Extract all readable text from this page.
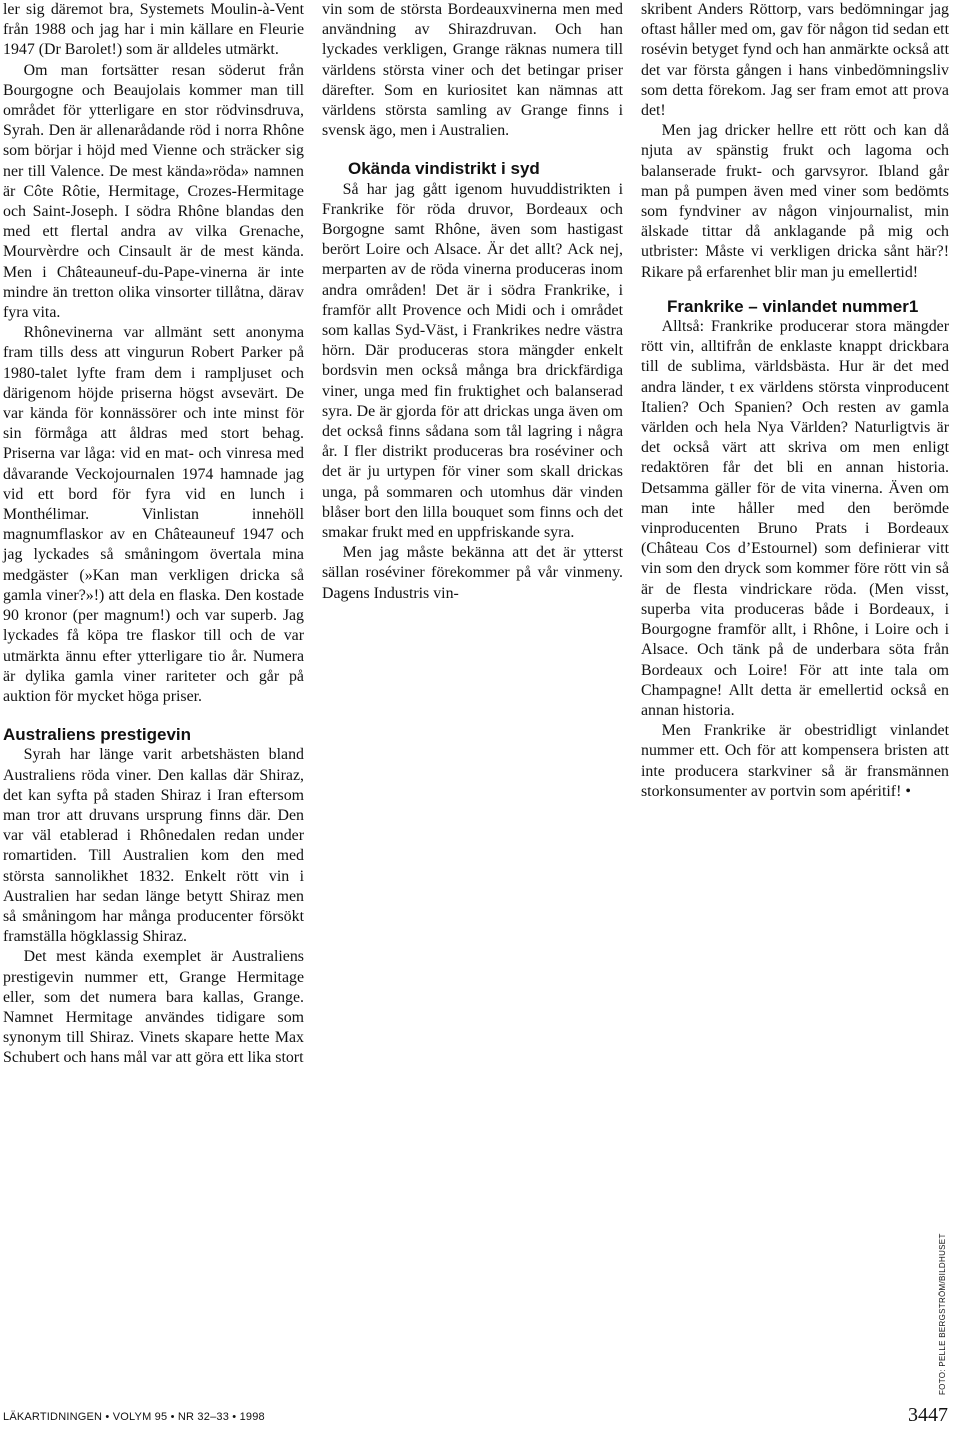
ler sig däremot bra, Systemets Moulin-à-Vent från 1988 och jag har i min källare en Fleurie 1947 (Dr Barolet!) som är alldeles utmärkt.

Om man fortsätter resan söderut från Bourgogne och Beaujolais kommer man till området för ytterligare en stor rödvinsdruva, Syrah. Den är allenarådande röd i norra Rhône som börjar i höjd med Vienne och sträcker sig ner till Valence. De mest kända»röda» namnen är Côte Rôtie, Hermitage, Crozes-Hermitage och Saint-Joseph. I södra Rhône blandas den med ett flertal andra av vilka Grenache, Mourvèrdre och Cinsault är de mest kända. Men i Châteauneuf-du-Pape-vinerna är inte mindre än tretton olika vinsorter tillåtna, därav fyra vita.

Rhônevinerna var allmänt sett anonyma fram tills dess att vingurun Robert Parker på 1980-talet lyfte fram dem i rampljuset och därigenom höjde priserna högst avsevärt. De var kända för konnässörer och inte minst för sin förmåga att åldras med stort behag. Priserna var låga: vid en mat- och vinresa med dåvarande Veckojournalen 1974 hamnade jag vid ett bord för fyra vid en lunch i Monthélimar. Vinlistan innehöll magnumflaskor av en Châteauneuf 1947 och jag lyckades så småningom övertala mina medgäster (»Kan man verkligen dricka så gamla viner?»!) att dela en flaska. Den kostade 90 kronor (per magnum!) och var superb. Jag lyckades få köpa tre flaskor till och de var utmärkta ännu efter ytterligare tio år. Numera är dylika gamla viner rariteter och går på auktion för mycket höga priser.

Australiens prestigevin

Syrah har länge varit arbetshästen bland Australiens röda viner. Den kallas där Shiraz, det kan syfta på staden Shiraz i Iran eftersom man tror att druvans ursprung finns där. Den var väl etablerad i Rhônedalen redan under romartiden. Till Australien kom den med största sannolikhet 1832. Enkelt rött vin i Australien har sedan länge betytt Shiraz men så småningom har många producenter försökt framställa högklassig Shiraz.

Det mest kända exemplet är Australiens prestigevin nummer ett, Grange Hermitage eller, som det numera bara kallas, Grange. Namnet Hermitage användes tidigare som synonym till Shiraz. Vinets skapare hette Max Schubert och hans mål var att göra ett lika stort

vin som de största Bordeauxvinerna men med användning av Shirazdruvan. Och han lyckades verkligen, Grange räknas numera till världens största viner och det betingar priser därefter. Som en kuriositet kan nämnas att världens största samling av Grange finns i svensk ägo, men i Australien.

Okända vindistrikt i syd

Så har jag gått igenom huvuddistrikten i Frankrike för röda druvor, Bordeaux och Borgogne samt Rhône, även som hastigast berört Loire och Alsace. Är det allt? Ack nej, merparten av de röda vinerna produceras inom andra områden! Det är i södra Frankrike, i framför allt Provence och Midi och i området som kallas Syd-Väst, i Frankrikes nedre västra hörn. Där produceras stora mängder enkelt bordsvin men också många bra drickfärdiga viner, unga med fin fruktighet och balanserad syra. De är gjorda för att drickas unga även om det också finns sådana som tål lagring i några år. I fler distrikt produceras bra roséviner och det är ju urtypen för viner som skall drickas unga, på sommaren och utomhus där vinden blåser bort den lilla bouquet som finns och det smakar frukt med en uppfriskande syra.

Men jag måste bekänna att det är ytterst sällan roséviner förekommer på vår vinmeny. Dagens Industris vin-

skribent Anders Röttorp, vars bedömningar jag oftast håller med om, gav för någon tid sedan ett rosévin betyget fynd och han anmärkte också att det var första gången i hans vinbedömningsliv som detta förekom. Jag ser fram emot att prova det!

Men jag dricker hellre ett rött och kan då njuta av spänstig frukt och lagoma och balanserade frukt- och garvsyror. Ibland går man på pumpen även med viner som bedömts som fyndviner av någon vinjournalist, min älskade tittar då anklagande på mig och utbrister: Måste vi verkligen dricka sånt här?! Rikare på erfarenhet blir man ju emellertid!

Frankrike – vinlandet nummer1

Alltså: Frankrike producerar stora mängder rött vin, alltifrån de enklaste knappt drickbara till de sublima, världsbästa. Hur är det med andra länder, t ex världens största vinproducent Italien? Och Spanien? Och resten av gamla världen och hela Nya Världen? Naturligtvis är det också värt att skriva om men enligt redaktören får det bli en annan historia. Detsamma gäller för de vita vinerna. Även om man inte håller med den berömde vinproducenten Bruno Prats i Bordeaux (Château Cos d’Estournel) som definierar vitt vin som den dryck som kommer före rött vin så är de flesta vindrickare röda. (Men visst, superba vita produceras både i Bordeaux, i Bourgogne framför allt, i Rhône, i Loire och i Alsace. Och tänk på de underbara söta från Bordeaux och Loire! För att inte tala om Champagne! Allt detta är emellertid också en annan historia.

Men Frankrike är obestridligt vinlandet nummer ett. Och för att kompensera bristen att inte producera starkviner så är fransmännen storkonsumenter av portvin som apéritif! •

FOTO: PELLE BERGSTRÖM/BILDHUSET
LÄKARTIDNINGEN • VOLYM 95 • NR 32–33 • 1998	3447
